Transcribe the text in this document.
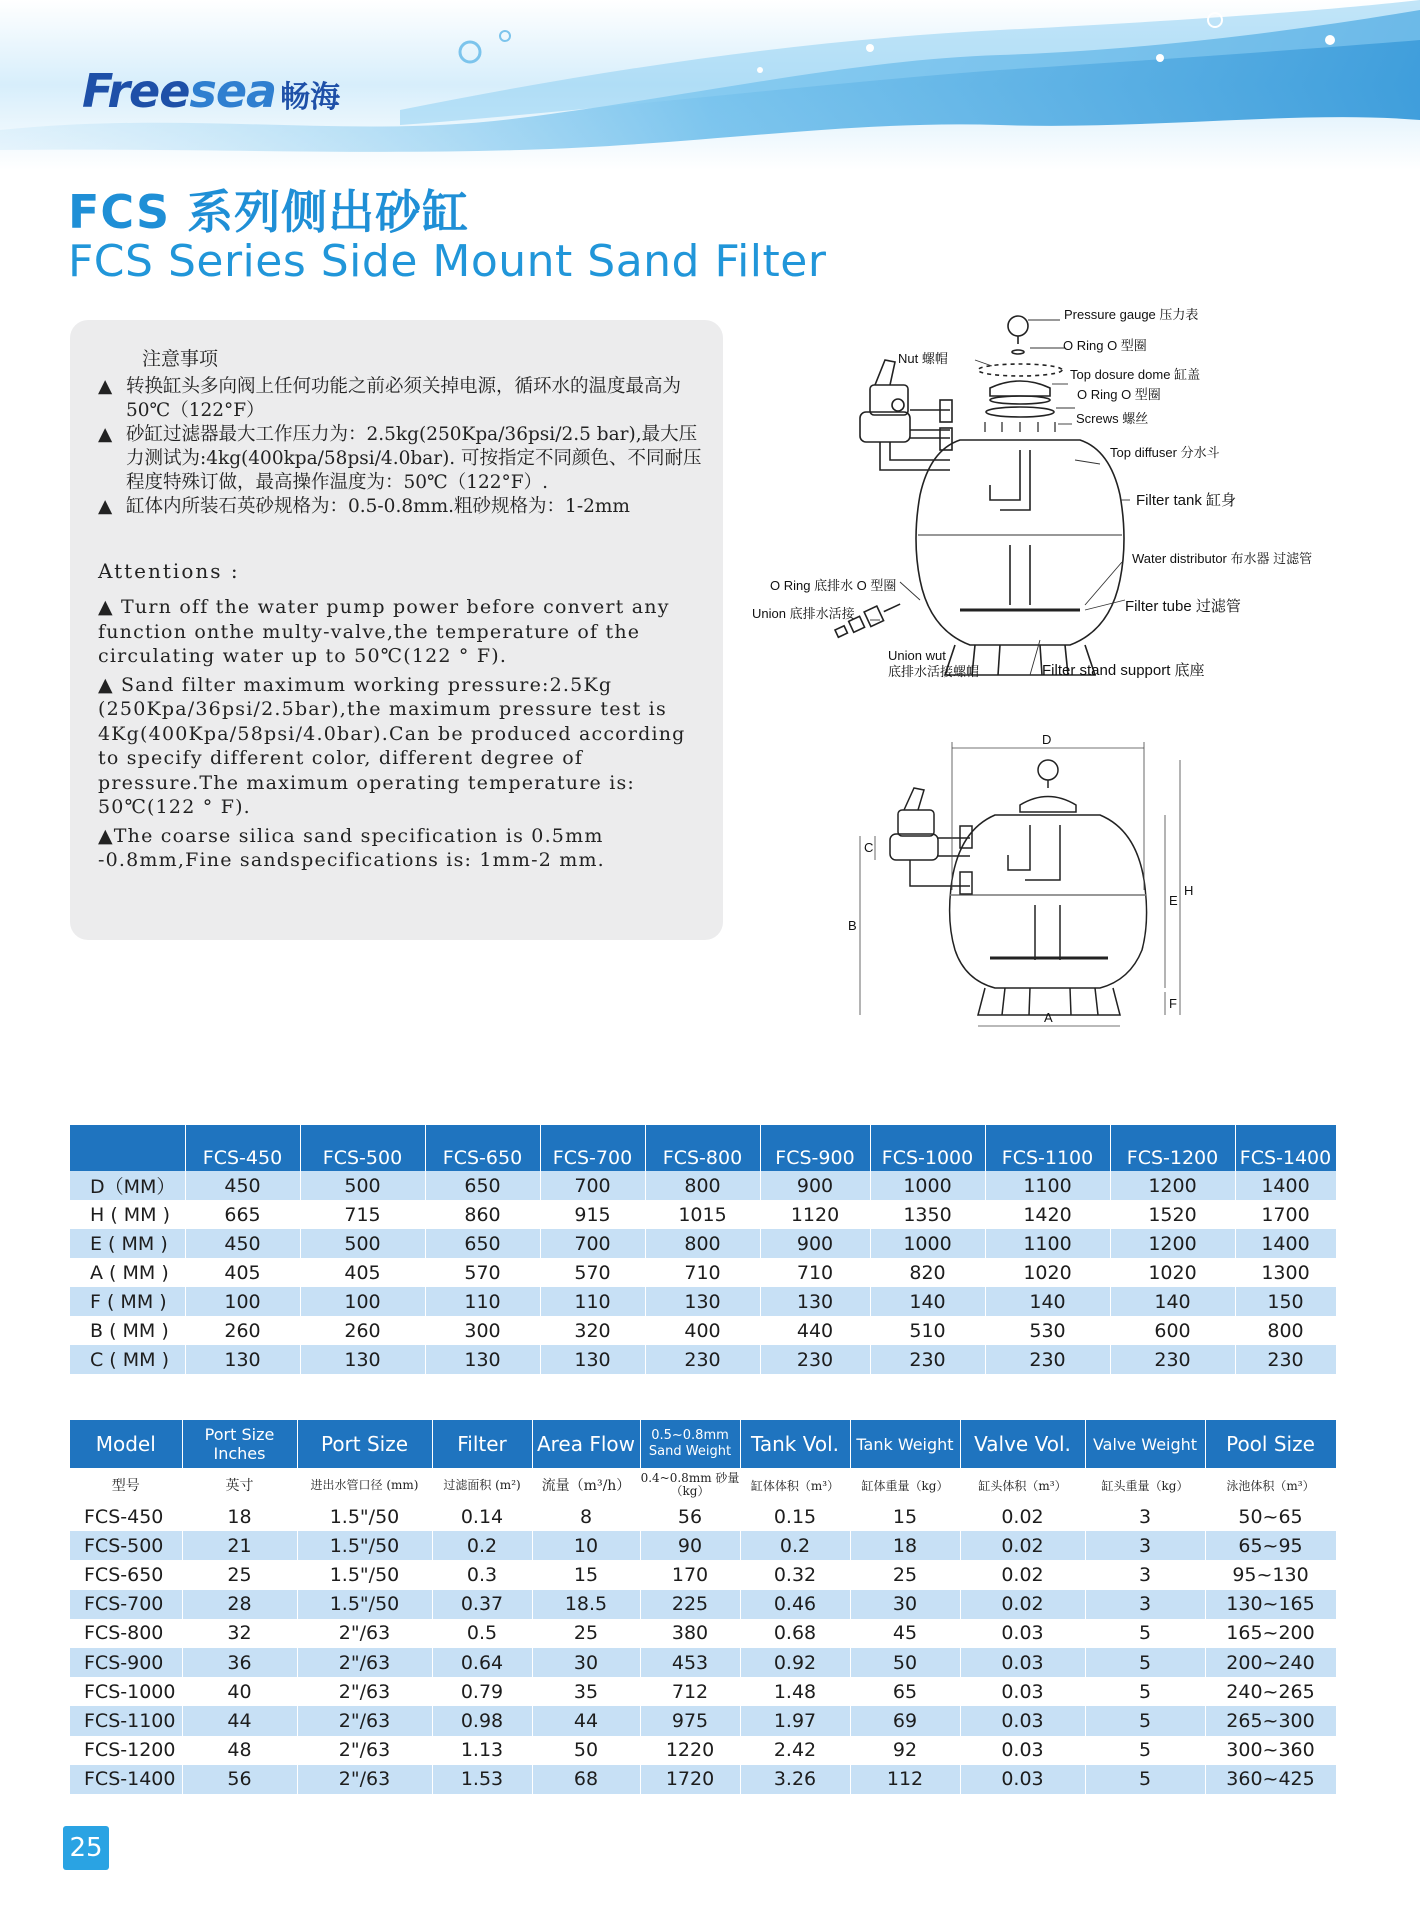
Freesea 畅海
FCS 系列侧出砂缸
FCS Series Side Mount Sand Filter
注意事项
▲ 转换缸头多向阀上任何功能之前必须关掉电源，循环水的温度最高为50℃（122°F）
▲ 砂缸过滤器最大工作压力为：2.5kg(250Kpa/36psi/2.5 bar),最大压力测试为:4kg(400kpa/58psi/4.0bar). 可按指定不同颜色、不同耐压程度特殊订做，最高操作温度为：50℃（122°F）.
▲ 缸体内所装石英砂规格为：0.5-0.8mm.粗砂规格为：1-2mm
Attentions :
▲ Turn off the water pump power before convert any function onthe multy-valve,the temperature of the circulating water up to 50℃(122 ° F).
▲ Sand filter maximum working pressure:2.5Kg (250Kpa/36psi/2.5bar),the maximum pressure test is 4Kg(400Kpa/58psi/4.0bar).Can be produced according to specify different color, different degree of pressure.The maximum operating temperature is: 50℃(122 ° F).
▲The coarse silica sand specification is 0.5mm -0.8mm,Fine sandspecifications is: 1mm-2 mm.
Pressure gauge 压力表
O Ring O 型圈
Nut 螺帽
Top dosure dome 缸盖
O Ring O 型圈
Screws 螺丝
Top diffuser 分水斗
Filter tank 缸身
Water distributor 布水器 过滤管
Filter tube 过滤管
O Ring 底排水 O 型圈
Union 底排水活接
Union wut
底排水活接螺帽	Filter stand support 底座
D
H
E
F
B
C
A
	FCS-450	FCS-500	FCS-650	FCS-700	FCS-800	FCS-900	FCS-1000	FCS-1100	FCS-1200	FCS-1400
D（MM）	450	500	650	700	800	900	1000	1100	1200	1400
H ( MM )	665	715	860	915	1015	1120	1350	1420	1520	1700
E ( MM )	450	500	650	700	800	900	1000	1100	1200	1400
A ( MM )	405	405	570	570	710	710	820	1020	1020	1300
F ( MM )	100	100	110	110	130	130	140	140	140	150
B ( MM )	260	260	300	320	400	440	510	530	600	800
C ( MM )	130	130	130	130	230	230	230	230	230	230
Model	Port Size Inches	Port Size	Filter	Area Flow	0.5~0.8mm Sand Weight	Tank Vol.	Tank Weight	Valve Vol.	Valve Weight	Pool Size
型号	英寸	进出水管口径 (mm)	过滤面积 (m²)	流量（m³/h）	0.4~0.8mm 砂量（kg）	缸体体积（m³）	缸体重量（kg）	缸头体积（m³）	缸头重量（kg）	泳池体积（m³）
FCS-450	18	1.5"/50	0.14	8	56	0.15	15	0.02	3	50~65
FCS-500	21	1.5"/50	0.2	10	90	0.2	18	0.02	3	65~95
FCS-650	25	1.5"/50	0.3	15	170	0.32	25	0.02	3	95~130
FCS-700	28	1.5"/50	0.37	18.5	225	0.46	30	0.02	3	130~165
FCS-800	32	2"/63	0.5	25	380	0.68	45	0.03	5	165~200
FCS-900	36	2"/63	0.64	30	453	0.92	50	0.03	5	200~240
FCS-1000	40	2"/63	0.79	35	712	1.48	65	0.03	5	240~265
FCS-1100	44	2"/63	0.98	44	975	1.97	69	0.03	5	265~300
FCS-1200	48	2"/63	1.13	50	1220	2.42	92	0.03	5	300~360
FCS-1400	56	2"/63	1.53	68	1720	3.26	112	0.03	5	360~425
25
